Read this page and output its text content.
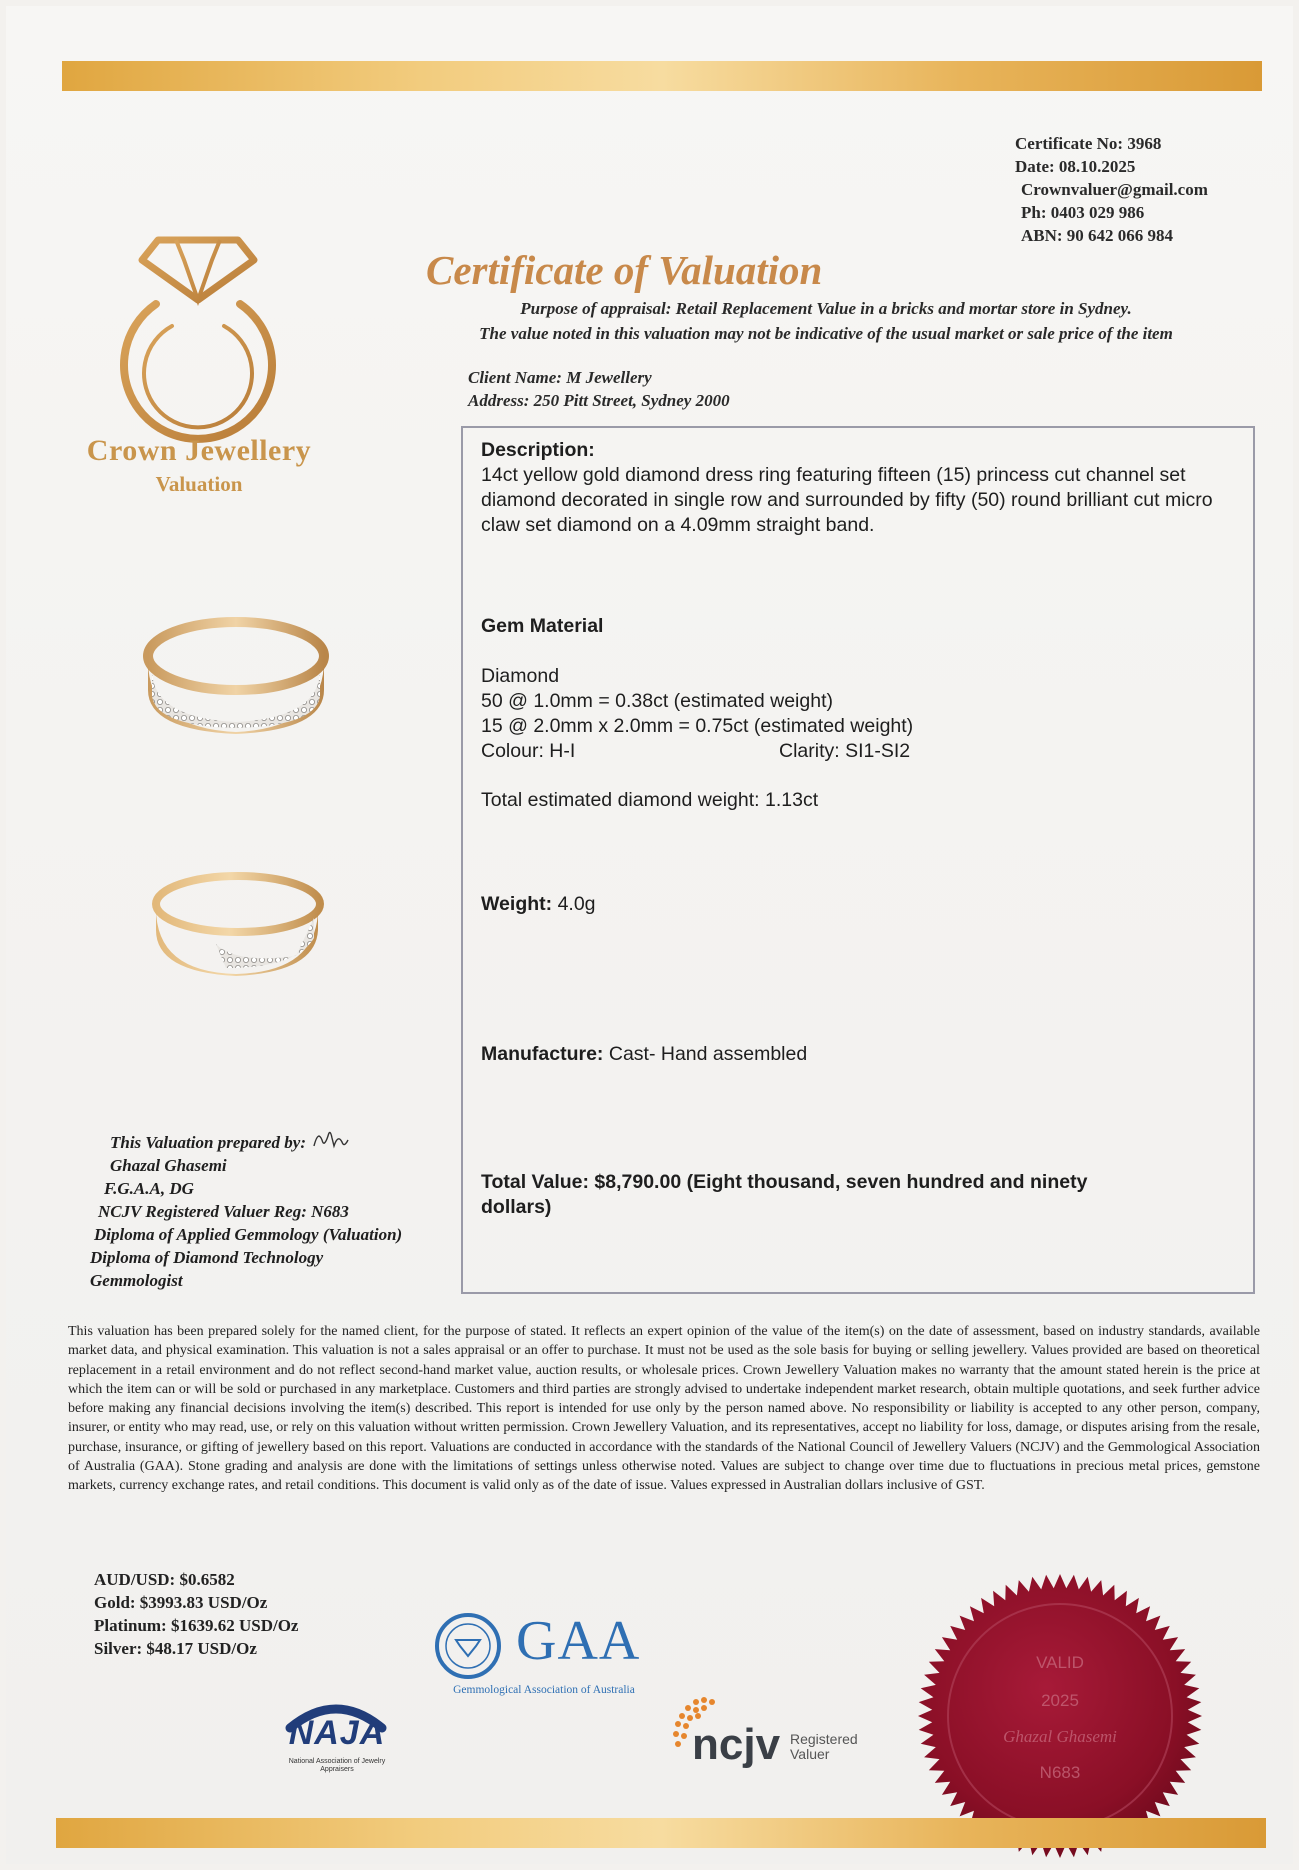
Certificate No: 3968
Date: 08.10.2025
Crownvaluer@gmail.com
Ph: 0403 029 986
ABN: 90 642 066 984
Crown Jewellery
Valuation
Certificate of Valuation
Purpose of appraisal: Retail Replacement Value in a bricks and mortar store in Sydney.
The value noted in this valuation may not be indicative of the usual market or sale price of the item
Client Name: M Jewellery
Address: 250 Pitt Street, Sydney 2000
Description:
14ct yellow gold diamond dress ring featuring fifteen (15) princess cut channel set diamond decorated in single row and surrounded by fifty (50) round brilliant cut micro claw set diamond on a 4.09mm straight band.
Gem Material
Diamond
50 @ 1.0mm = 0.38ct (estimated weight)
15 @ 2.0mm x 2.0mm = 0.75ct (estimated weight)
Colour: H-I	Clarity: SI1-SI2
Total estimated diamond weight: 1.13ct
Weight: 4.0g
Manufacture: Cast- Hand assembled
Total Value: $8,790.00 (Eight thousand, seven hundred and ninety dollars)
This Valuation prepared by:
Ghazal Ghasemi
F.G.A.A, DG
NCJV Registered Valuer Reg: N683
Diploma of Applied Gemmology (Valuation)
Diploma of Diamond Technology
Gemmologist
This valuation has been prepared solely for the named client, for the purpose of stated. It reflects an expert opinion of the value of the item(s) on the date of assessment, based on industry standards, available market data, and physical examination. This valuation is not a sales appraisal or an offer to purchase. It must not be used as the sole basis for buying or selling jewellery. Values provided are based on theoretical replacement in a retail environment and do not reflect second-hand market value, auction results, or wholesale prices. Crown Jewellery Valuation makes no warranty that the amount stated herein is the price at which the item can or will be sold or purchased in any marketplace. Customers and third parties are strongly advised to undertake independent market research, obtain multiple quotations, and seek further advice before making any financial decisions involving the item(s) described. This report is intended for use only by the person named above. No responsibility or liability is accepted to any other person, company, insurer, or entity who may read, use, or rely on this valuation without written permission. Crown Jewellery Valuation, and its representatives, accept no liability for loss, damage, or disputes arising from the resale, purchase, insurance, or gifting of jewellery based on this report. Valuations are conducted in accordance with the standards of the National Council of Jewellery Valuers (NCJV) and the Gemmological Association of Australia (GAA). Stone grading and analysis are done with the limitations of settings unless otherwise noted. Values are subject to change over time due to fluctuations in precious metal prices, gemstone markets, currency exchange rates, and retail conditions. This document is valid only as of the date of issue. Values expressed in Australian dollars inclusive of GST.
AUD/USD: $0.6582
Gold: $3993.83 USD/Oz
Platinum: $1639.62 USD/Oz
Silver: $48.17 USD/Oz	GAA
Gemmological Association of Australia
NAJA
National Association of Jewelry Appraisers
ncjv Registered Valuer
VALID
2025
Ghazal Ghasemi
N683
